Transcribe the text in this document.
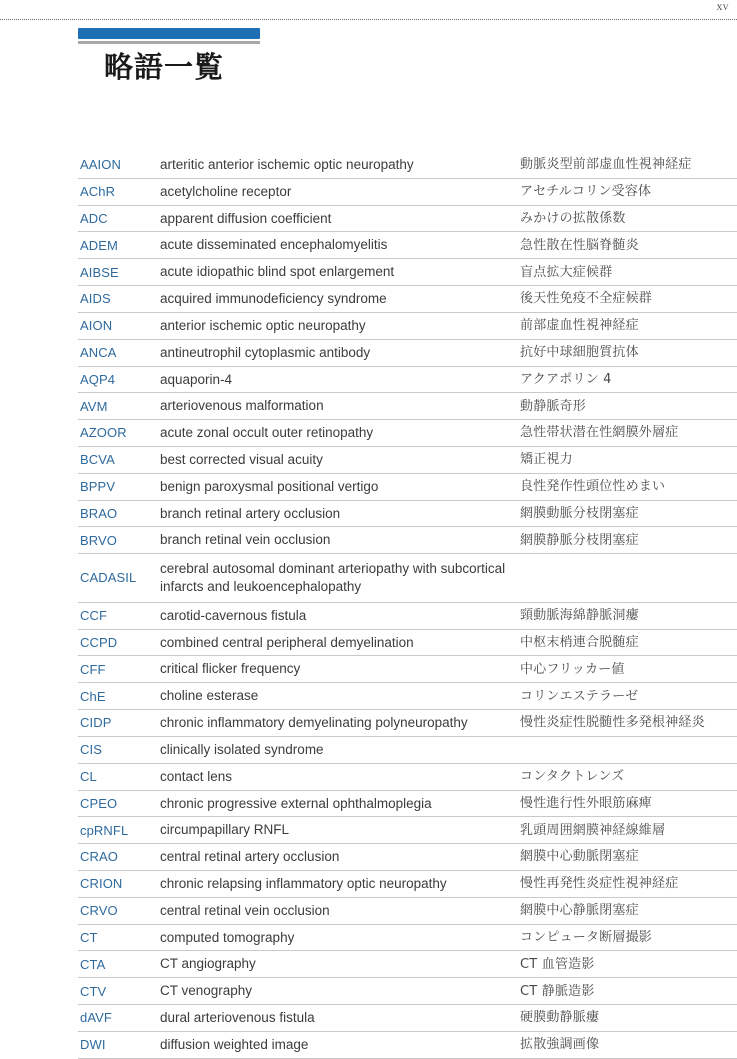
xv
略語一覧
AAION	arteritic anterior ischemic optic neuropathy	動脈炎型前部虚血性視神経症
AChR	acetylcholine receptor	アセチルコリン受容体
ADC	apparent diffusion coefficient	みかけの拡散係数
ADEM	acute disseminated encephalomyelitis	急性散在性脳脊髄炎
AIBSE	acute idiopathic blind spot enlargement	盲点拡大症候群
AIDS	acquired immunodeficiency syndrome	後天性免疫不全症候群
AION	anterior ischemic optic neuropathy	前部虚血性視神経症
ANCA	antineutrophil cytoplasmic antibody	抗好中球細胞質抗体
AQP4	aquaporin-4	アクアポリン 4
AVM	arteriovenous malformation	動静脈奇形
AZOOR	acute zonal occult outer retinopathy	急性帯状潜在性網膜外層症
BCVA	best corrected visual acuity	矯正視力
BPPV	benign paroxysmal positional vertigo	良性発作性頭位性めまい
BRAO	branch retinal artery occlusion	網膜動脈分枝閉塞症
BRVO	branch retinal vein occlusion	網膜静脈分枝閉塞症
CADASIL	cerebral autosomal dominant arteriopathy with subcortical infarcts and leukoencephalopathy	
CCF	carotid-cavernous fistula	頸動脈海綿静脈洞瘻
CCPD	combined central peripheral demyelination	中枢末梢連合脱髄症
CFF	critical flicker frequency	中心フリッカー値
ChE	choline esterase	コリンエステラーゼ
CIDP	chronic inflammatory demyelinating polyneuropathy	慢性炎症性脱髄性多発根神経炎
CIS	clinically isolated syndrome	
CL	contact lens	コンタクトレンズ
CPEO	chronic progressive external ophthalmoplegia	慢性進行性外眼筋麻痺
cpRNFL	circumpapillary RNFL	乳頭周囲網膜神経線維層
CRAO	central retinal artery occlusion	網膜中心動脈閉塞症
CRION	chronic relapsing inflammatory optic neuropathy	慢性再発性炎症性視神経症
CRVO	central retinal vein occlusion	網膜中心静脈閉塞症
CT	computed tomography	コンピュータ断層撮影
CTA	CT angiography	CT 血管造影
CTV	CT venography	CT 静脈造影
dAVF	dural arteriovenous fistula	硬膜動静脈瘻
DWI	diffusion weighted image	拡散強調画像
